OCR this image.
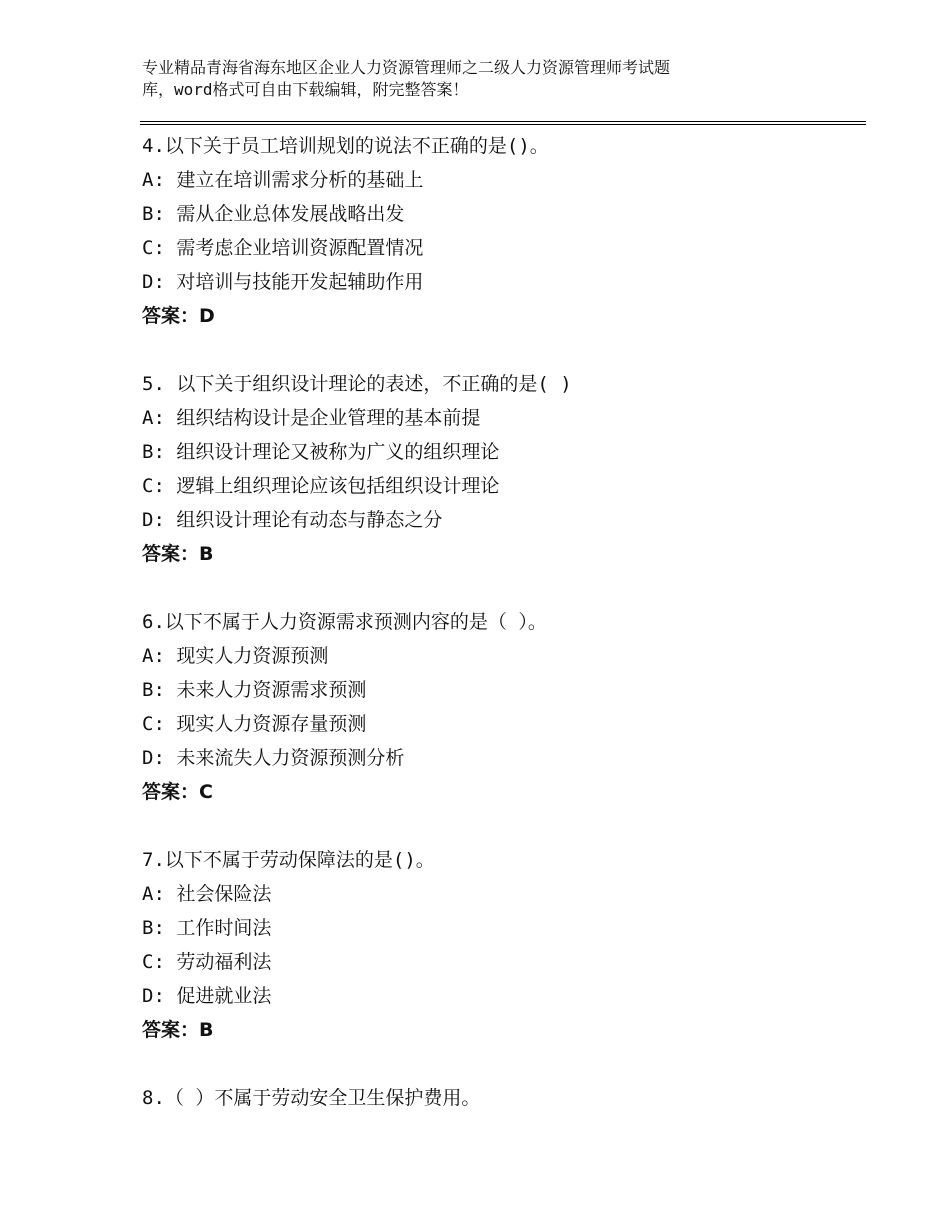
专业精品青海省海东地区企业人力资源管理师之二级人力资源管理师考试题
库，word格式可自由下载编辑，附完整答案！
4.以下关于员工培训规划的说法不正确的是()。
A: 建立在培训需求分析的基础上
B: 需从企业总体发展战略出发
C: 需考虑企业培训资源配置情况
D: 对培训与技能开发起辅助作用
答案：D
5. 以下关于组织设计理论的表述，不正确的是( )
A: 组织结构设计是企业管理的基本前提
B: 组织设计理论又被称为广义的组织理论
C: 逻辑上组织理论应该包括组织设计理论
D: 组织设计理论有动态与静态之分
答案：B
6.以下不属于人力资源需求预测内容的是（ ）。
A: 现实人力资源预测
B: 未来人力资源需求预测
C: 现实人力资源存量预测
D: 未来流失人力资源预测分析
答案：C
7.以下不属于劳动保障法的是()。
A: 社会保险法
B: 工作时间法
C: 劳动福利法
D: 促进就业法
答案：B
8.（ ）不属于劳动安全卫生保护费用。
